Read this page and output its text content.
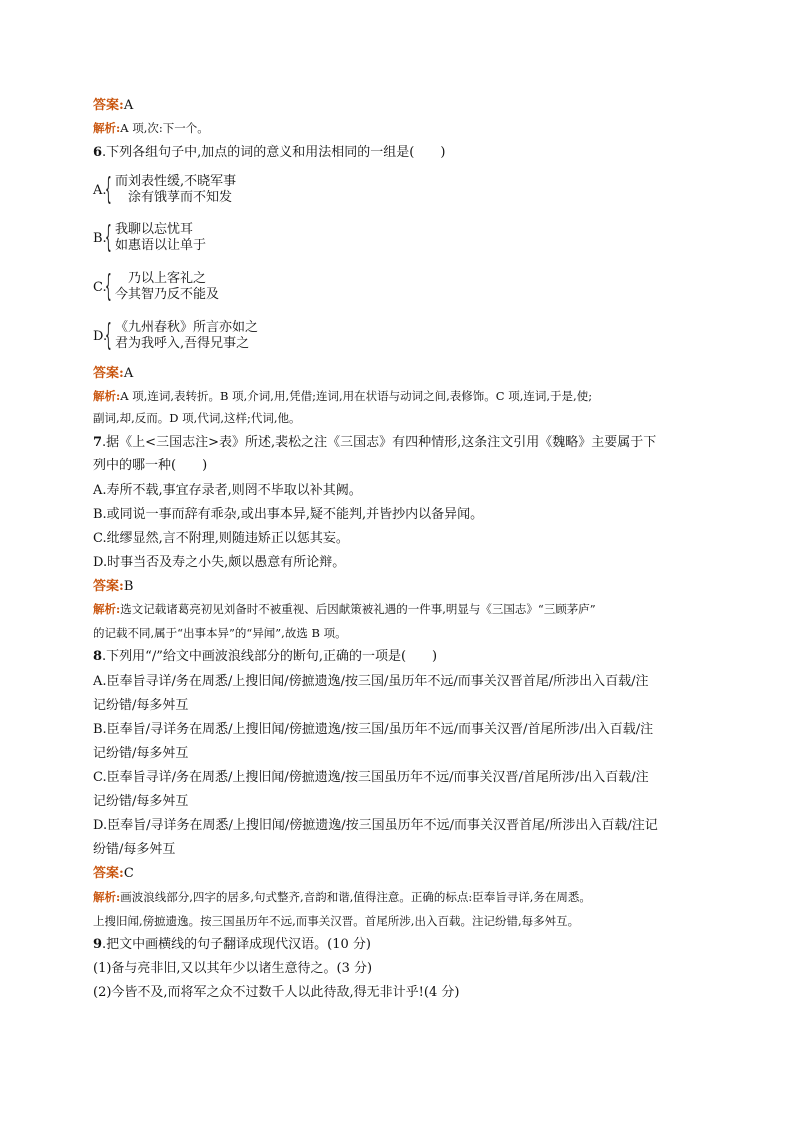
答案:A
解析:A 项,次:下一个。
6.下列各组句子中,加点的词的意义和用法相同的一组是(　　)
A.
{ 而刘表性缓,不晓军事
　涂有饿莩而不知发
B.
{ 我聊以忘忧耳
如惠语以让单于
C.
{ 　乃以上客礼之
今其智乃反不能及
D.
{ 《九州春秋》所言亦如之
君为我呼入,吾得兄事之
答案:A
解析:A 项,连词,表转折。B 项,介词,用,凭借;连词,用在状语与动词之间,表修饰。C 项,连词,于是,使;
副词,却,反而。D 项,代词,这样;代词,他。
7.据《上<三国志注>表》所述,裴松之注《三国志》有四种情形,这条注文引用《魏略》主要属于下
列中的哪一种(　　)
A.寿所不载,事宜存录者,则罔不毕取以补其阙。
B.或同说一事而辞有乖杂,或出事本异,疑不能判,并皆抄内以备异闻。
C.纰缪显然,言不附理,则随违矫正以惩其妄。
D.时事当否及寿之小失,颇以愚意有所论辩。
答案:B
解析:选文记载诸葛亮初见刘备时不被重视、后因献策被礼遇的一件事,明显与《三国志》“三顾茅庐”
的记载不同,属于“出事本异”的“异闻”,故选 B 项。
8.下列用“/”给文中画波浪线部分的断句,正确的一项是(　　)
A.臣奉旨寻详/务在周悉/上搜旧闻/傍摭遗逸/按三国/虽历年不远/而事关汉晋首尾/所涉出入百载/注
记纷错/每多舛互
B.臣奉旨/寻详务在周悉/上搜旧闻/傍摭遗逸/按三国/虽历年不远/而事关汉晋/首尾所涉/出入百载/注
记纷错/每多舛互
C.臣奉旨寻详/务在周悉/上搜旧闻/傍摭遗逸/按三国虽历年不远/而事关汉晋/首尾所涉/出入百载/注
记纷错/每多舛互
D.臣奉旨/寻详务在周悉/上搜旧闻/傍摭遗逸/按三国虽历年不远/而事关汉晋首尾/所涉出入百载/注记
纷错/每多舛互
答案:C
解析:画波浪线部分,四字的居多,句式整齐,音韵和谐,值得注意。正确的标点:臣奉旨寻详,务在周悉。
上搜旧闻,傍摭遗逸。按三国虽历年不远,而事关汉晋。首尾所涉,出入百载。注记纷错,每多舛互。
9.把文中画横线的句子翻译成现代汉语。(10 分)
(1)备与亮非旧,又以其年少以诸生意待之。(3 分)
(2)今皆不及,而将军之众不过数千人以此待敌,得无非计乎!(4 分)
